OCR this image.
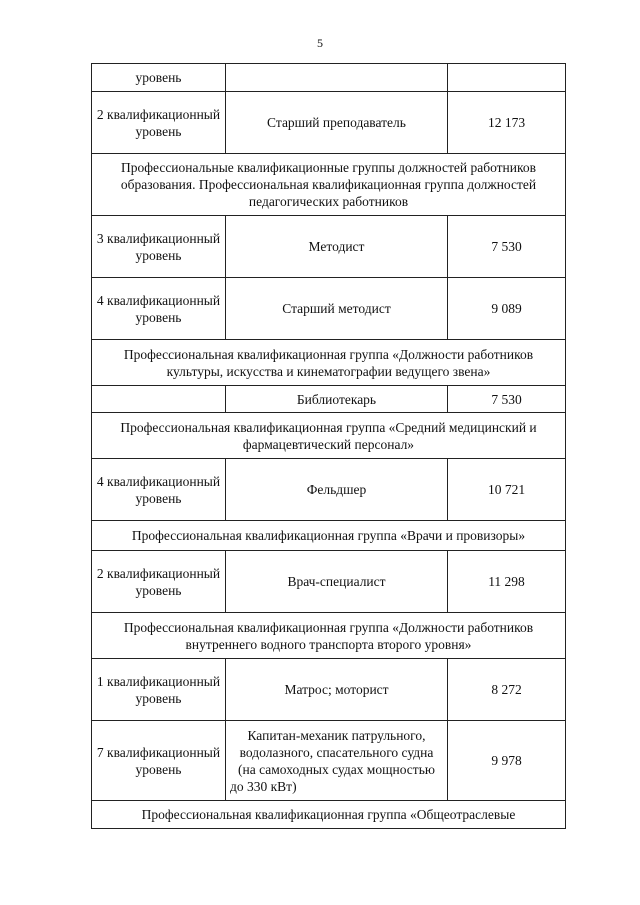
5
уровень		
2 квалификационный уровень	Старший преподаватель	12 173
Профессиональные квалификационные группы должностей работников образования. Профессиональная квалификационная группа должностей педагогических работников		
3 квалификационный уровень	Методист	7 530
4 квалификационный уровень	Старший методист	9 089
Профессиональная квалификационная группа «Должности работников культуры, искусства и кинематографии ведущего звена»		
	Библиотекарь	7 530
Профессиональная квалификационная группа «Средний медицинский и фармацевтический персонал»		
4 квалификационный уровень	Фельдшер	10 721
Профессиональная квалификационная группа «Врачи и провизоры»		
2 квалификационный уровень	Врач-специалист	11 298
Профессиональная квалификационная группа «Должности работников внутреннего водного транспорта второго уровня»		
1 квалификационный уровень	Матрос; моторист	8 272
7 квалификационный уровень	Капитан-механик патрульного, водолазного, спасательного судна (на самоходных судах мощностью до 330 кВт)	9 978
Профессиональная квалификационная группа «Общеотраслевые		
